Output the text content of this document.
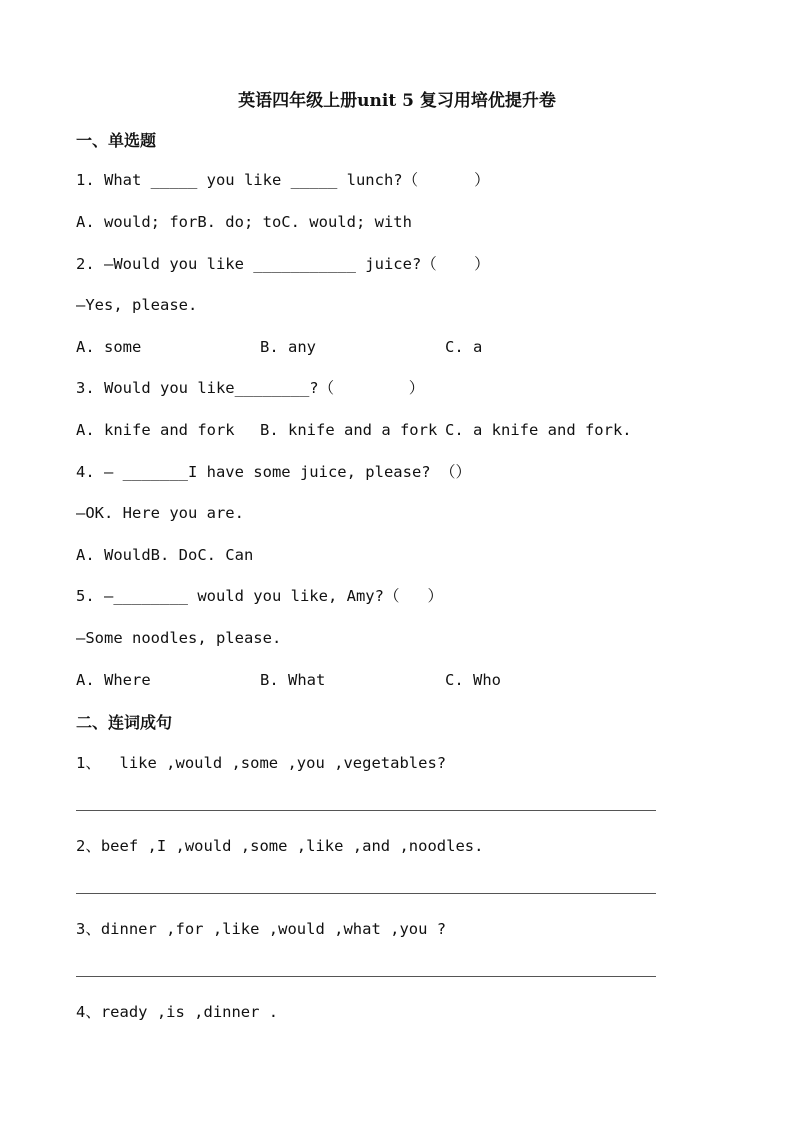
英语四年级上册unit 5 复习用培优提升卷
一、单选题
1. What _____ you like _____ lunch?（      ）
A. would; forB. do; toC. would; with
2. —Would you like ___________ juice?（    ）
—Yes, please.
A. some	B. any	C. a
3. Would you like________?（        ）
A. knife and fork B. knife and a fork C. a knife and fork.
4. — _______I have some juice, please? （）
—OK. Here you are.
A. WouldB. DoC. Can
5. —________ would you like, Amy?（   ）
—Some noodles, please.
A. Where	B. What	C. Who
二、连词成句
1、  like ,would ,some ,you ,vegetables?
2、beef ,I ,would ,some ,like ,and ,noodles.
3、dinner ,for ,like ,would ,what ,you ?
4、ready ,is ,dinner .
